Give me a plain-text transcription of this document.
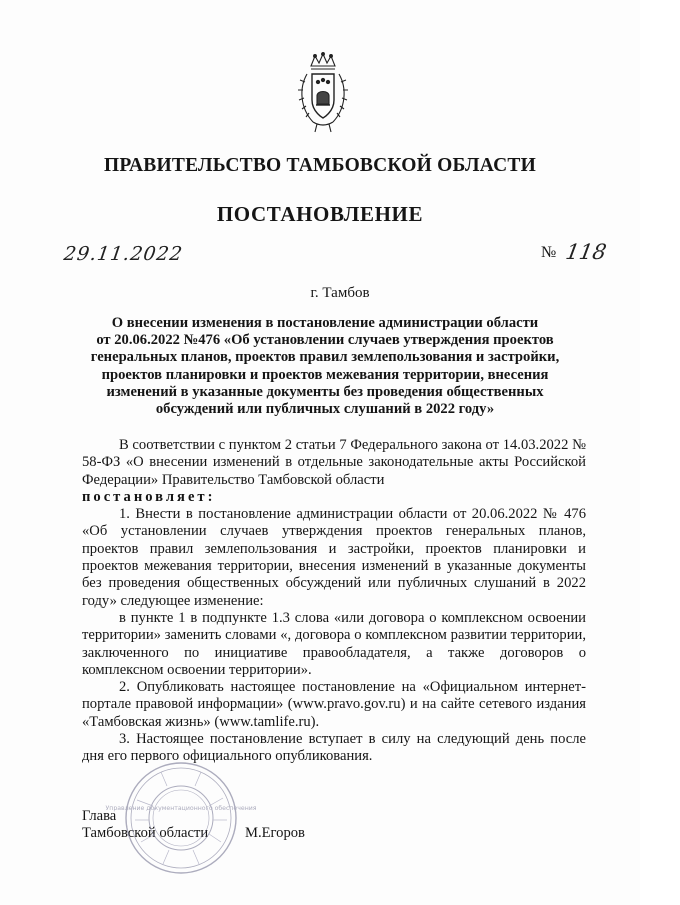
ПРАВИТЕЛЬСТВО ТАМБОВСКОЙ ОБЛАСТИ
ПОСТАНОВЛЕНИЕ
29.11.2022	№ 118
г. Тамбов
О внесении изменения в постановление администрации области
от 20.06.2022 №476 «Об установлении случаев утверждения проектов
генеральных планов, проектов правил землепользования и застройки,
проектов планировки и проектов межевания территории, внесения
изменений в указанные документы без проведения общественных
обсуждений или публичных слушаний в 2022 году»

В соответствии с пунктом 2 статьи 7 Федерального закона от 14.03.2022 № 58-ФЗ «О внесении изменений в отдельные законодательные акты Российской Федерации» Правительство Тамбовской области

постановляет:

1. Внести в постановление администрации области от 20.06.2022 № 476 «Об установлении случаев утверждения проектов генеральных планов, проектов правил землепользования и застройки, проектов планировки и проектов межевания территории, внесения изменений в указанные документы без проведения общественных обсуждений или публичных слушаний в 2022 году» следующее изменение:

в пункте 1 в подпункте 1.3 слова «или договора о комплексном освоении территории» заменить словами «, договора о комплексном развитии территории, заключенного по инициативе правообладателя, а также договоров о комплексном освоении территории».

2. Опубликовать настоящее постановление на «Официальном интернет-портале правовой информации» (www.pravo.gov.ru) и на сайте сетевого издания «Тамбовская жизнь» (www.tamlife.ru).

3. Настоящее постановление вступает в силу на следующий день после дня его первого официального опубликования.

Глава
Тамбовской области	М.Егоров
Управление документационного обеспечения
